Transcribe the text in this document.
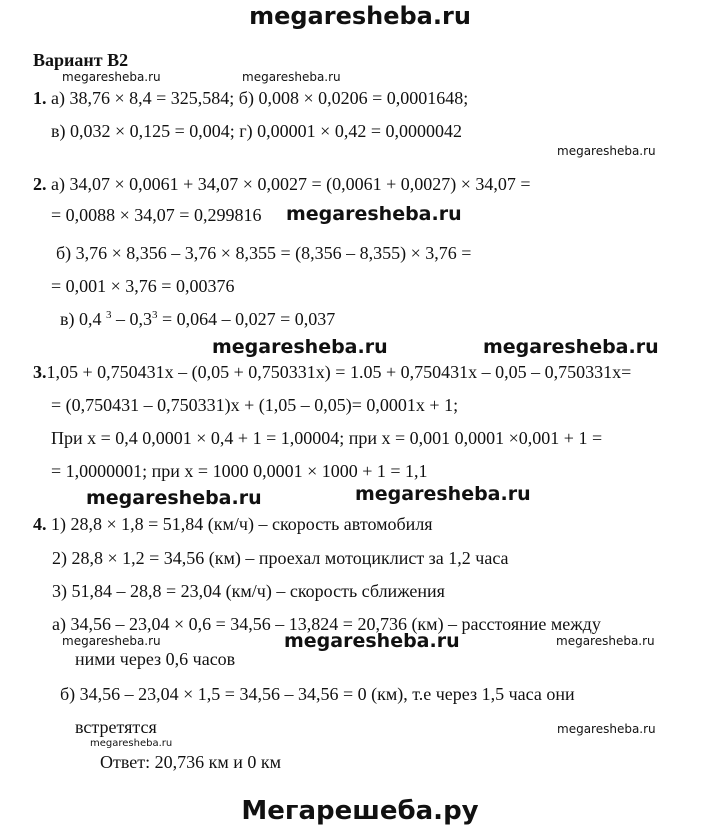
megaresheba.ru
Вариант В2
1. а) 38,76 × 8,4 = 325,584; б) 0,008 × 0,0206 = 0,0001648;
в) 0,032 × 0,125 = 0,004; г) 0,00001 × 0,42 = 0,0000042
2. а) 34,07 × 0,0061 + 34,07 × 0,0027 = (0,0061 + 0,0027) × 34,07 =
= 0,0088 × 34,07 = 0,299816
б) 3,76 × 8,356 – 3,76 × 8,355 = (8,356 – 8,355) × 3,76 =
= 0,001 × 3,76 = 0,00376
в) 0,4 $^3 - 0,3^3 = 0,064 - 0,027 = 0,037$
3.1,05 + 0,750431x – (0,05 + 0,750331x) = 1.05 + 0,750431x – 0,05 – 0,750331x=
= (0,750431 – 0,750331)x + (1,05 – 0,05)= 0,0001x + 1;
При x = 0,4 0,0001 × 0,4 + 1 = 1,00004; при x = 0,001 0,0001 ×0,001 + 1 =
= 1,0000001; при x = 1000 0,0001 × 1000 + 1 = 1,1
4. 1) 28,8 × 1,8 = 51,84 (км/ч) – скорость автомобиля
2) 28,8 × 1,2 = 34,56 (км) – проехал мотоциклист за 1,2 часа
3) 51,84 – 28,8 = 23,04 (км/ч) – скорость сближения
а) 34,56 – 23,04 × 0,6 = 34,56 – 13,824 = 20,736 (км) – расстояние между
ними через 0,6 часов
б) 34,56 – 23,04 × 1,5 = 34,56 – 34,56 = 0 (км), т.е через 1,5 часа они
встретятся
Ответ: 20,736 км и 0 км
megaresheba.ru	megaresheba.ru
megaresheba.ru
megaresheba.ru
megaresheba.ru	megaresheba.ru
megaresheba.ru	megaresheba.ru
megaresheba.ru	megaresheba.ru	megaresheba.ru
megaresheba.ru
megaresheba.ru
Мегарешеба.ру
